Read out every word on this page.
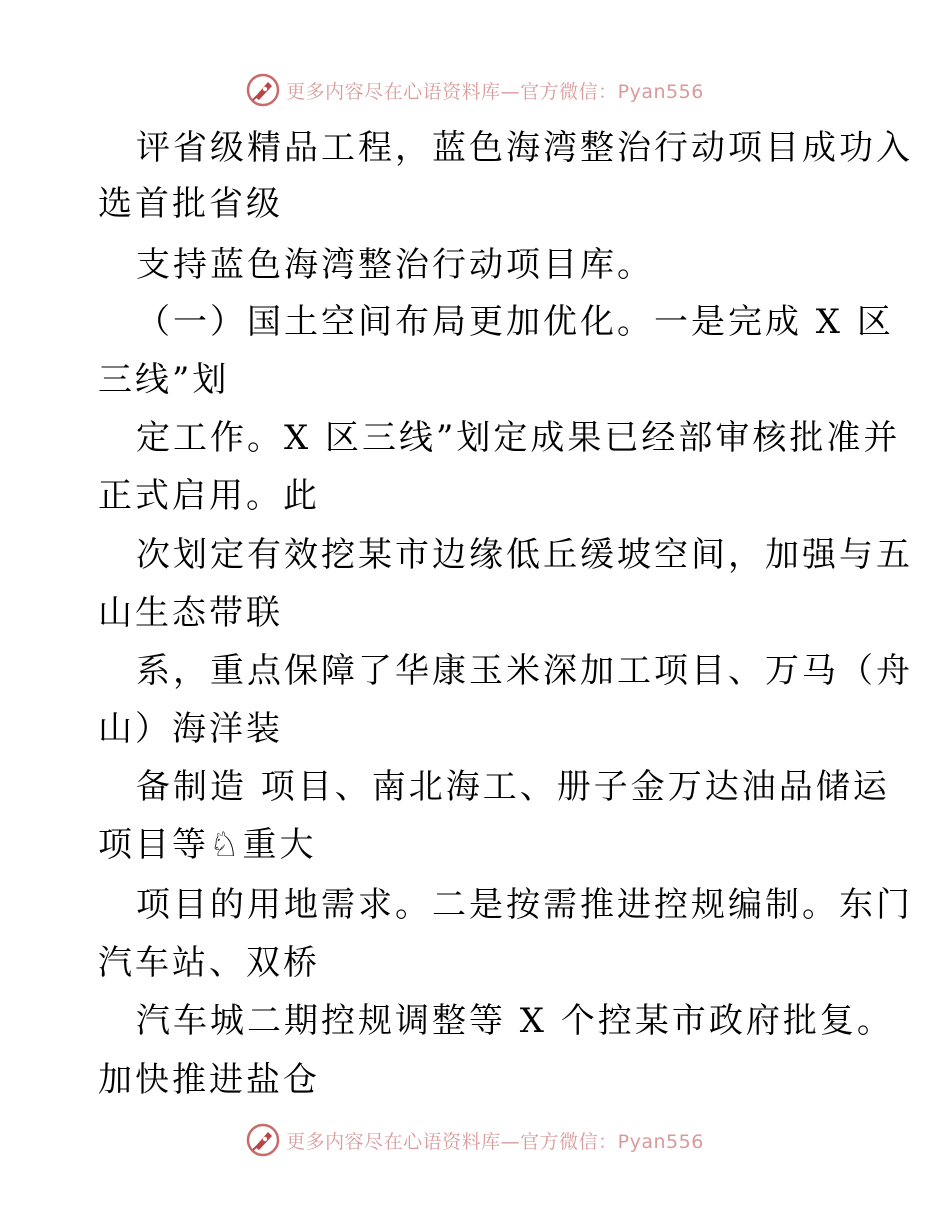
更多内容尽在心语资料库—官方微信：Pyan556
评省级精品工程，蓝色海湾整治行动项目成功入
选首批省级
支持蓝色海湾整治行动项目库。
（一）国土空间布局更加优化。一是完成 X 区
三线”划
定工作。X 区三线”划定成果已经部审核批准并
正式启用。此
次划定有效挖某市边缘低丘缓坡空间，加强与五
山生态带联
系，重点保障了华康玉米深加工项目、万马（舟
山）海洋装
备制造 项目、南北海工、册子金万达油品储运
项目等♘重大
项目的用地需求。二是按需推进控规编制。东门
汽车站、双桥
汽车城二期控规调整等 X 个控某市政府批复。
加快推进盐仓
更多内容尽在心语资料库—官方微信：Pyan556
